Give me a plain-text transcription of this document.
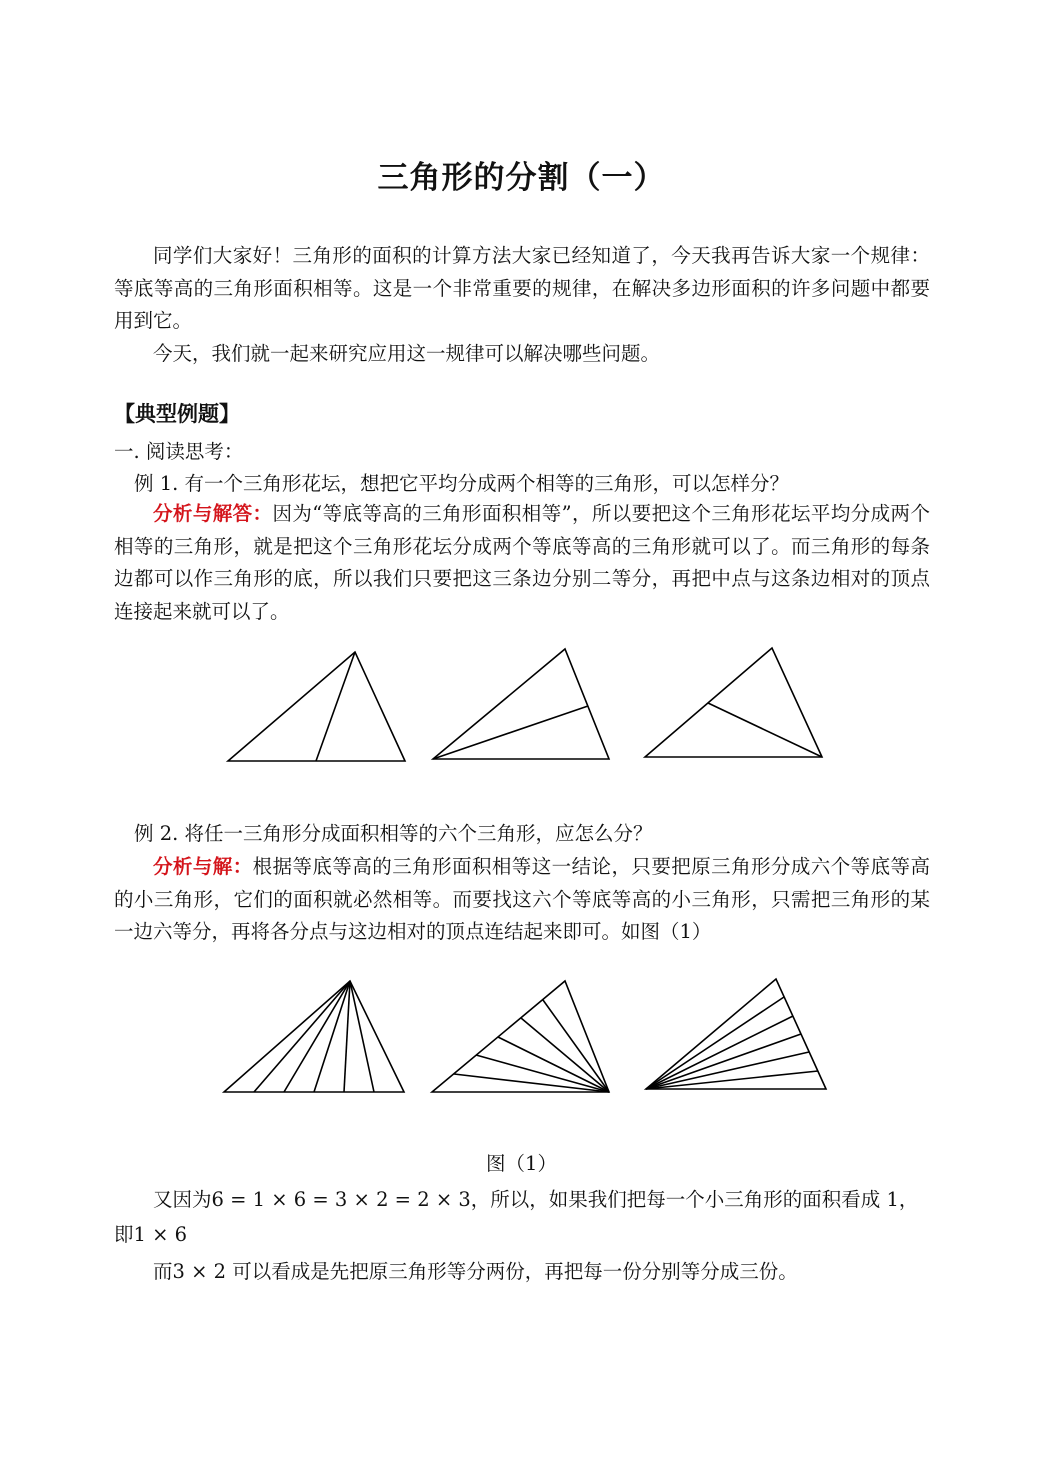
三角形的分割（一）

同学们大家好！三角形的面积的计算方法大家已经知道了，今天我再告诉大家一个规律：等底等高的三角形面积相等。这是一个非常重要的规律，在解决多边形面积的许多问题中都要用到它。

今天，我们就一起来研究应用这一规律可以解决哪些问题。

【典型例题】
一. 阅读思考：
例 1. 有一个三角形花坛，想把它平均分成两个相等的三角形，可以怎样分？

分析与解答：因为“等底等高的三角形面积相等”，所以要把这个三角形花坛平均分成两个相等的三角形，就是把这个三角形花坛分成两个等底等高的三角形就可以了。而三角形的每条边都可以作三角形的底，所以我们只要把这三条边分别二等分，再把中点与这条边相对的顶点连接起来就可以了。

例 2. 将任一三角形分成面积相等的六个三角形，应怎么分？

分析与解：根据等底等高的三角形面积相等这一结论，只要把原三角形分成六个等底等高的小三角形，它们的面积就必然相等。而要找这六个等底等高的小三角形，只需把三角形的某一边六等分，再将各分点与这边相对的顶点连结起来即可。如图（1）

图（1）
又因为6 = 1 × 6 = 3 × 2 = 2 × 3，所以，如果我们把每一个小三角形的面积看成 1，
即1 × 6
而3 × 2 可以看成是先把原三角形等分两份，再把每一份分别等分成三份。
